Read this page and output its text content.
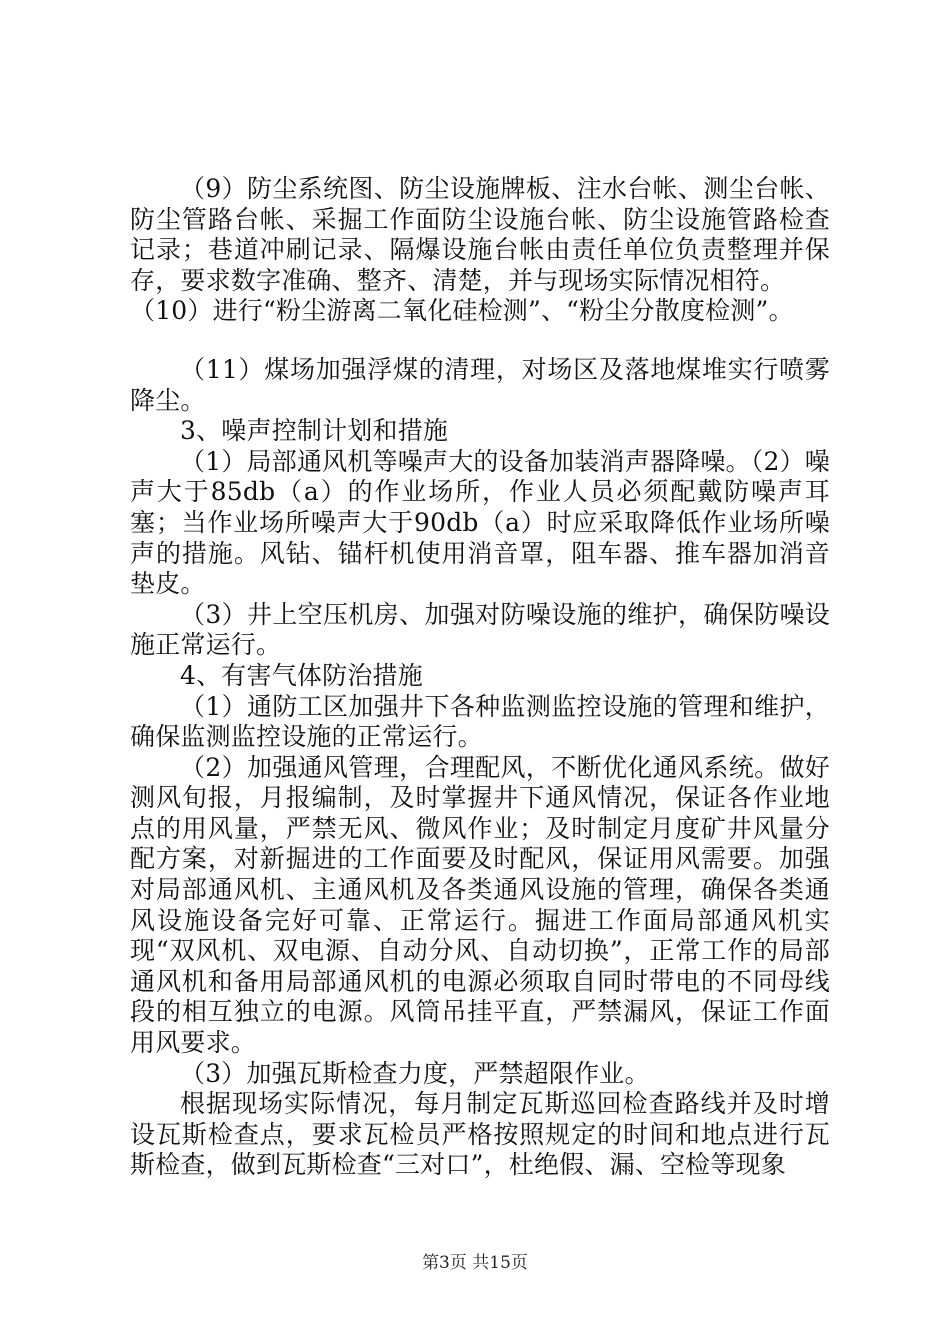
（9）防尘系统图、防尘设施牌板、注水台帐、测尘台帐、防尘管路台帐、采掘工作面防尘设施台帐、防尘设施管路检查记录；巷道冲刷记录、隔爆设施台帐由责任单位负责整理并保存，要求数字准确、整齐、清楚，并与现场实际情况相符。

（10）进行“粉尘游离二氧化硅检测”、“粉尘分散度检测”。

（11）煤场加强浮煤的清理，对场区及落地煤堆实行喷雾降尘。

3、噪声控制计划和措施

（1）局部通风机等噪声大的设备加装消声器降噪。（2）噪声大于85db（a）的作业场所，作业人员必须配戴防噪声耳塞；当作业场所噪声大于90db（a）时应采取降低作业场所噪声的措施。风钻、锚杆机使用消音罩，阻车器、推车器加消音垫皮。

（3）井上空压机房、加强对防噪设施的维护，确保防噪设施正常运行。

4、有害气体防治措施

（1）通防工区加强井下各种监测监控设施的管理和维护，确保监测监控设施的正常运行。

（2）加强通风管理，合理配风，不断优化通风系统。做好测风旬报，月报编制，及时掌握井下通风情况，保证各作业地点的用风量，严禁无风、微风作业；及时制定月度矿井风量分配方案，对新掘进的工作面要及时配风，保证用风需要。加强对局部通风机、主通风机及各类通风设施的管理，确保各类通风设施设备完好可靠、正常运行。掘进工作面局部通风机实现“双风机、双电源、自动分风、自动切换”，正常工作的局部通风机和备用局部通风机的电源必须取自同时带电的不同母线段的相互独立的电源。风筒吊挂平直，严禁漏风，保证工作面用风要求。

（3）加强瓦斯检查力度，严禁超限作业。

根据现场实际情况，每月制定瓦斯巡回检查路线并及时增设瓦斯检查点，要求瓦检员严格按照规定的时间和地点进行瓦斯检查，做到瓦斯检查“三对口”，杜绝假、漏、空检等现象

第3页 共15页
